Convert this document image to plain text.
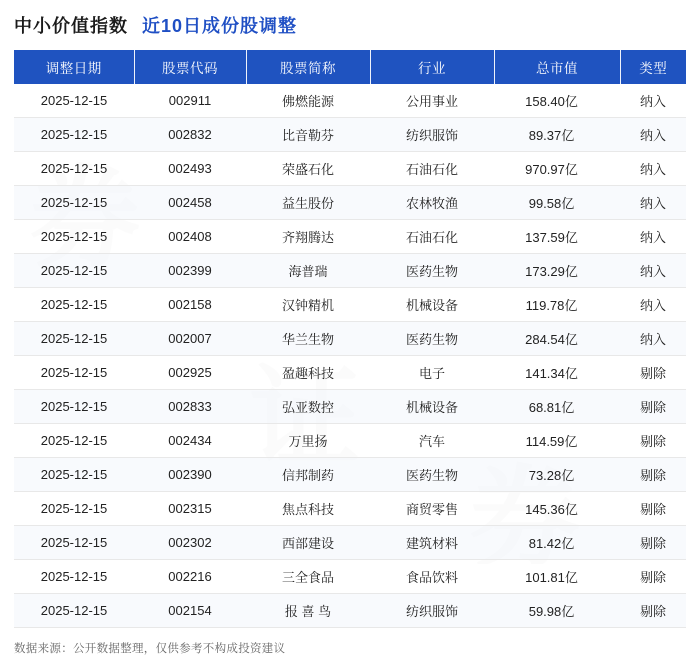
中小价值指数 近10日成份股调整
调整日期	股票代码	股票简称	行业	总市值	类型
2025-12-15	002911	佛燃能源	公用事业	158.40亿	纳入
2025-12-15	002832	比音勒芬	纺织服饰	89.37亿	纳入
2025-12-15	002493	荣盛石化	石油石化	970.97亿	纳入
2025-12-15	002458	益生股份	农林牧渔	99.58亿	纳入
2025-12-15	002408	齐翔腾达	石油石化	137.59亿	纳入
2025-12-15	002399	海普瑞	医药生物	173.29亿	纳入
2025-12-15	002158	汉钟精机	机械设备	119.78亿	纳入
2025-12-15	002007	华兰生物	医药生物	284.54亿	纳入
2025-12-15	002925	盈趣科技	电子	141.34亿	剔除
2025-12-15	002833	弘亚数控	机械设备	68.81亿	剔除
2025-12-15	002434	万里扬	汽车	114.59亿	剔除
2025-12-15	002390	信邦制药	医药生物	73.28亿	剔除
2025-12-15	002315	焦点科技	商贸零售	145.36亿	剔除
2025-12-15	002302	西部建设	建筑材料	81.42亿	剔除
2025-12-15	002216	三全食品	食品饮料	101.81亿	剔除
2025-12-15	002154	报 喜 鸟	纺织服饰	59.98亿	剔除
数据来源：公开数据整理，仅供参考不构成投资建议
